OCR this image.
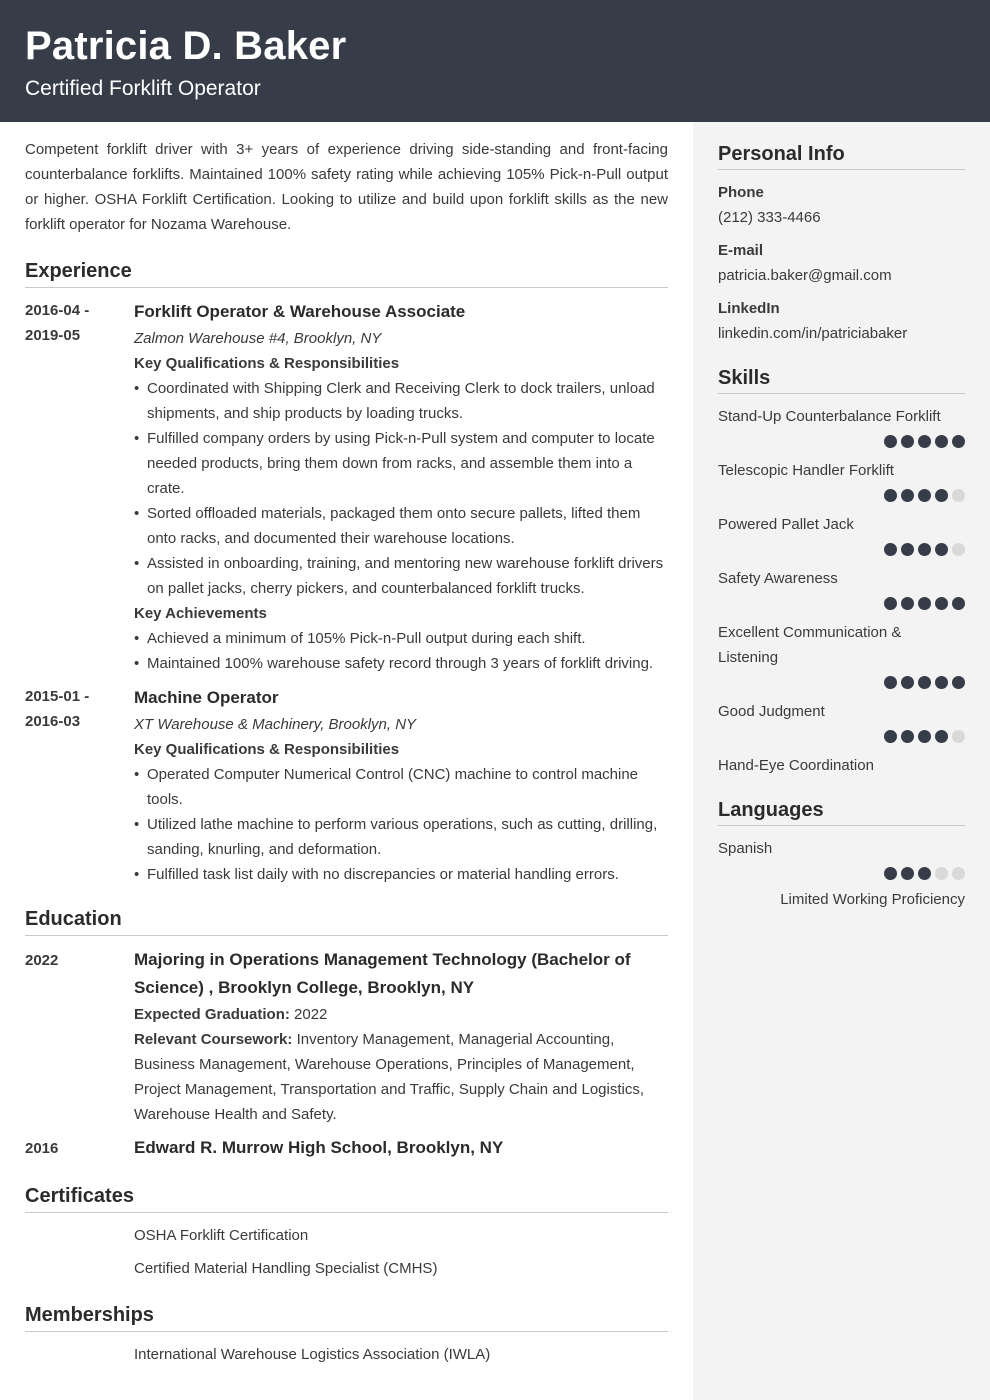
Patricia D. Baker
Certified Forklift Operator

Competent forklift driver with 3+ years of experience driving side-standing and front-facing counterbalance forklifts. Maintained 100% safety rating while achieving 105% Pick-n-Pull output or higher. OSHA Forklift Certification. Looking to utilize and build upon forklift skills as the new forklift operator for Nozama Warehouse.

Experience
2016-04 -
2019-05
Forklift Operator & Warehouse Associate
Zalmon Warehouse #4, Brooklyn, NY
Key Qualifications & Responsibilities
• Coordinated with Shipping Clerk and Receiving Clerk to dock trailers, unload shipments, and ship products by loading trucks.
• Fulfilled company orders by using Pick-n-Pull system and computer to locate needed products, bring them down from racks, and assemble them into a crate.
• Sorted offloaded materials, packaged them onto secure pallets, lifted them onto racks, and documented their warehouse locations.
• Assisted in onboarding, training, and mentoring new warehouse forklift drivers on pallet jacks, cherry pickers, and counterbalanced forklift trucks.
Key Achievements
• Achieved a minimum of 105% Pick-n-Pull output during each shift.
• Maintained 100% warehouse safety record through 3 years of forklift driving.
2015-01 -
2016-03
Machine Operator
XT Warehouse & Machinery, Brooklyn, NY
Key Qualifications & Responsibilities
• Operated Computer Numerical Control (CNC) machine to control machine tools.
• Utilized lathe machine to perform various operations, such as cutting, drilling, sanding, knurling, and deformation.
• Fulfilled task list daily with no discrepancies or material handling errors.
Education
2022	Majoring in Operations Management Technology (Bachelor of Science) , Brooklyn College, Brooklyn, NY
Expected Graduation: 2022
Relevant Coursework: Inventory Management, Managerial Accounting, Business Management, Warehouse Operations, Principles of Management, Project Management, Transportation and Traffic, Supply Chain and Logistics, Warehouse Health and Safety.
2016	Edward R. Murrow High School, Brooklyn, NY
Certificates
OSHA Forklift Certification
Certified Material Handling Specialist (CMHS)
Memberships
International Warehouse Logistics Association (IWLA)
Personal Info
Phone
(212) 333-4466
E-mail
patricia.baker@gmail.com
LinkedIn
linkedin.com/in/patriciabaker
Skills
Stand-Up Counterbalance Forklift
Telescopic Handler Forklift
Powered Pallet Jack
Safety Awareness
Excellent Communication & Listening
Good Judgment
Hand-Eye Coordination
Languages
Spanish
Limited Working Proficiency
